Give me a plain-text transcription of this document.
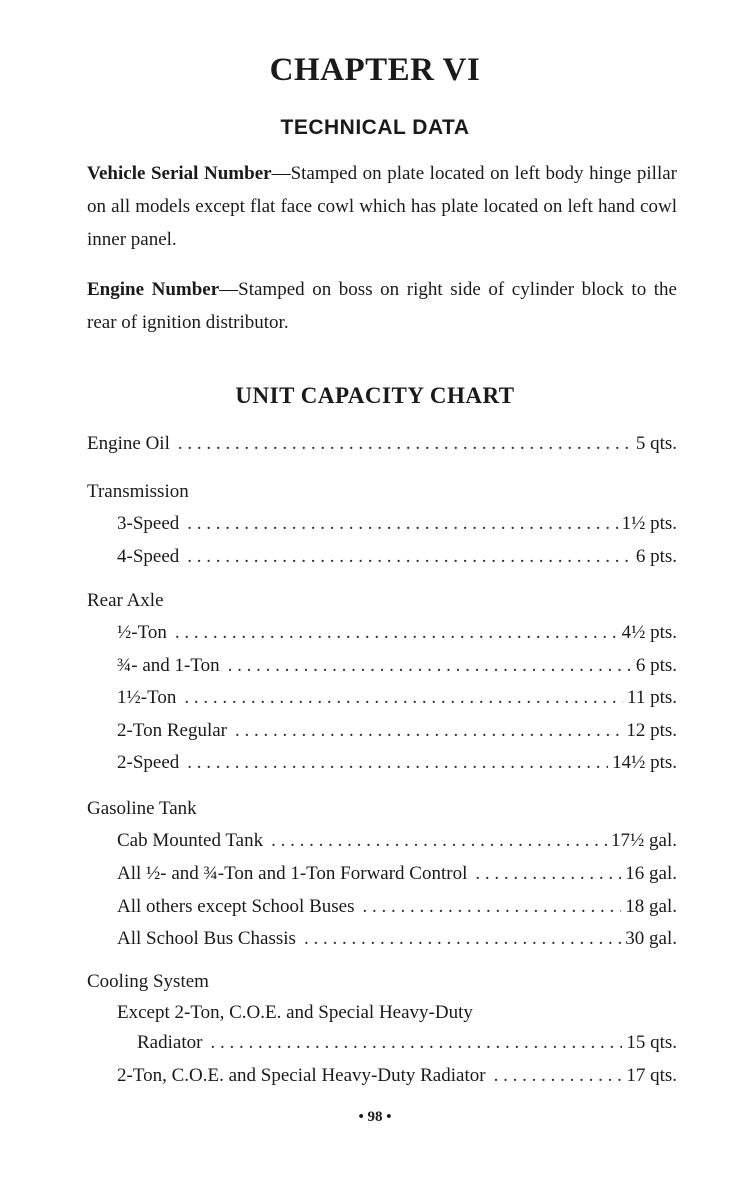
CHAPTER VI
TECHNICAL DATA

Vehicle Serial Number—Stamped on plate located on left body hinge pillar on all models except flat face cowl which has plate located on left hand cowl inner panel.

Engine Number—Stamped on boss on right side of cylinder block to the rear of ignition distributor.

UNIT CAPACITY CHART
Engine Oil . . .	5 qts.
Transmission
3-Speed . . .	1½ pts.
4-Speed . . .	6 pts.
Rear Axle
½-Ton . . .	4½ pts.
¾- and 1-Ton . . .	6 pts.
1½-Ton . . .	11 pts.
2-Ton Regular . . .	12 pts.
2-Speed . . .	14½ pts.
Gasoline Tank
Cab Mounted Tank . . .	17½ gal.
All ½- and ¾-Ton and 1-Ton Forward Control . . .	16 gal.
All others except School Buses . . .	18 gal.
All School Bus Chassis . . .	30 gal.
Cooling System
Except 2-Ton, C.O.E. and Special Heavy-Duty
Radiator . . .	15 qts.
2-Ton, C.O.E. and Special Heavy-Duty Radiator . . .	17 qts.
• 98 •
